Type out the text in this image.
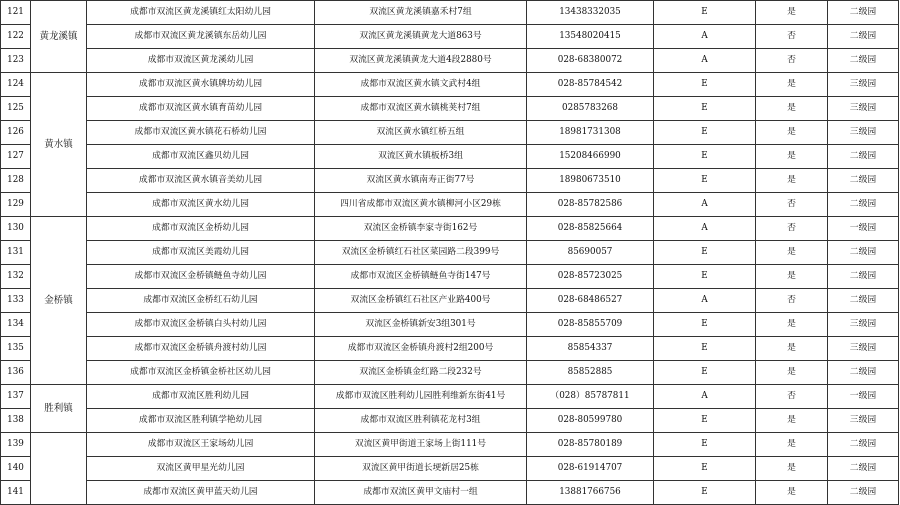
121	黄龙溪镇	成都市双流区黄龙溪镇红太阳幼儿园	双流区黄龙溪镇嘉禾村7组	13438332035	E	是	二级园
122		成都市双流区黄龙溪镇东岳幼儿园	双流区黄龙溪镇黄龙大道863号	13548020415	A	否	二级园
123		成都市双流区黄龙溪幼儿园	双流区黄龙溪镇黄龙大道4段2880号	028-68380072	A	否	二级园
124	黄水镇	成都市双流区黄水镇牌坊幼儿园	成都市双流区黄水镇文武村4组	028-85784542	E	是	三级园
125		成都市双流区黄水镇育苗幼儿园	成都市双流区黄水镇桃荚村7组	0285783268	E	是	三级园
126		成都市双流区黄水镇花石桥幼儿园	双流区黄水镇红桥五组	18981731308	E	是	三级园
127		成都市双流区鑫贝幼儿园	双流区黄水镇板桥3组	15208466990	E	是	二级园
128		成都市双流区黄水镇音美幼儿园	双流区黄水镇南寿正街77号	18980673510	E	是	二级园
129		成都市双流区黄水幼儿园	四川省成都市双流区黄水镇柳河小区29栋	028-85782586	A	否	二级园
130	金桥镇	成都市双流区金桥幼儿园	双流区金桥镇李家寺街162号	028-85825664	A	否	一级园
131		成都市双流区美霞幼儿园	双流区金桥镇红石社区菜园路二段399号	85690057	E	是	二级园
132		成都市双流区金桥镇鲢鱼寺幼儿园	成都市双流区金桥镇鲢鱼寺街147号	028-85723025	E	是	二级园
133		成都市双流区金桥红石幼儿园	双流区金桥镇红石社区产业路400号	028-68486527	A	否	二级园
134		成都市双流区金桥镇白头村幼儿园	双流区金桥镇新安3组301号	028-85855709	E	是	三级园
135		成都市双流区金桥镇舟渡村幼儿园	成都市双流区金桥镇舟渡村2组200号	85854337	E	是	三级园
136		成都市双流区金桥镇金桥社区幼儿园	双流区金桥镇金红路二段232号	85852885	E	是	二级园
137	胜利镇	成都市双流区胜利幼儿园	成都市双流区胜利幼儿园胜利维新东街41号	（028）85787811	A	否	一级园
138		成都市双流区胜利镇学艳幼儿园	成都市双流区胜利镇花龙村3组	028-80599780	E	是	三级园
139		成都市双流区王家场幼儿园	双流区黄甲街道王家场上街111号	028-85780189	E	是	二级园
140		双流区黄甲星光幼儿园	双流区黄甲街道长埂新居25栋	028-61914707	E	是	二级园
141		成都市双流区黄甲蓝天幼儿园	成都市双流区黄甲文庙村一组	13881766756	E	是	二级园
